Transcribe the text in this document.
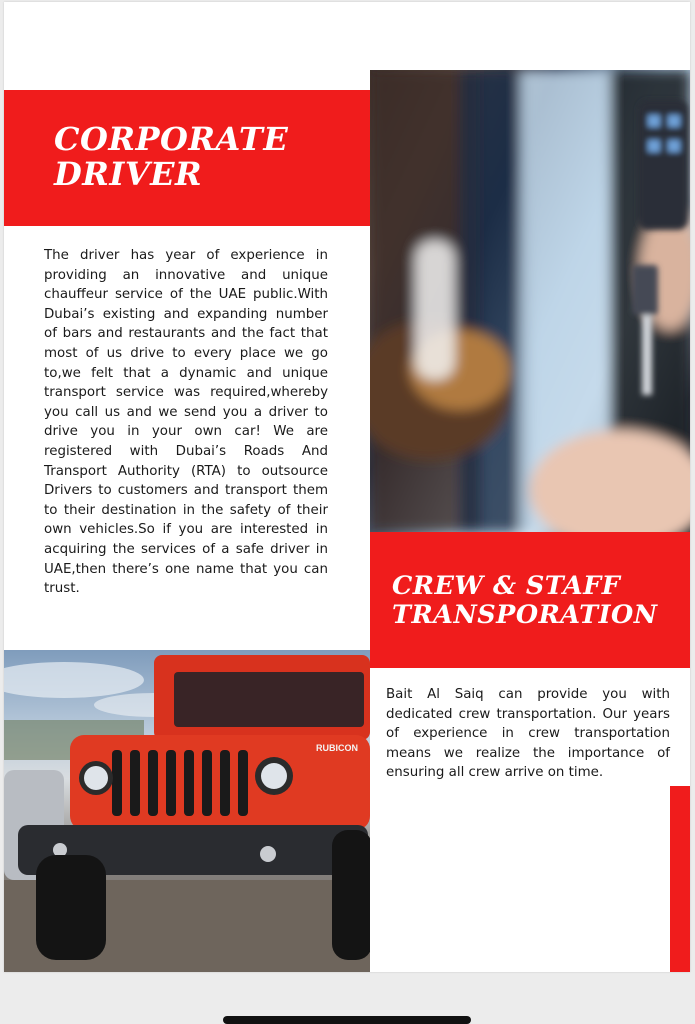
CORPORATE
DRIVER

The driver has year of experience in providing an innovative and unique chauffeur service of the UAE public.With Dubai’s existing and expanding number of bars and restaurants and the fact that most of us drive to every place we go to,we felt that a dynamic and unique transport service was required,whereby you call us and we send you a driver to drive you in your own car! We are registered with Dubai’s Roads And Transport Authority (RTA) to outsource Drivers to customers and transport them to their destination in the safety of their own vehicles.So if you are interested in acquiring the services of a safe driver in UAE,then there’s one name that you can trust.	CREW & STAFF
TRANSPORATION

Bait Al Saiq can provide you with dedicated crew transportation. Our years of experience in crew transportation means we realize the importance of ensuring all crew arrive on time.

RUBICON
